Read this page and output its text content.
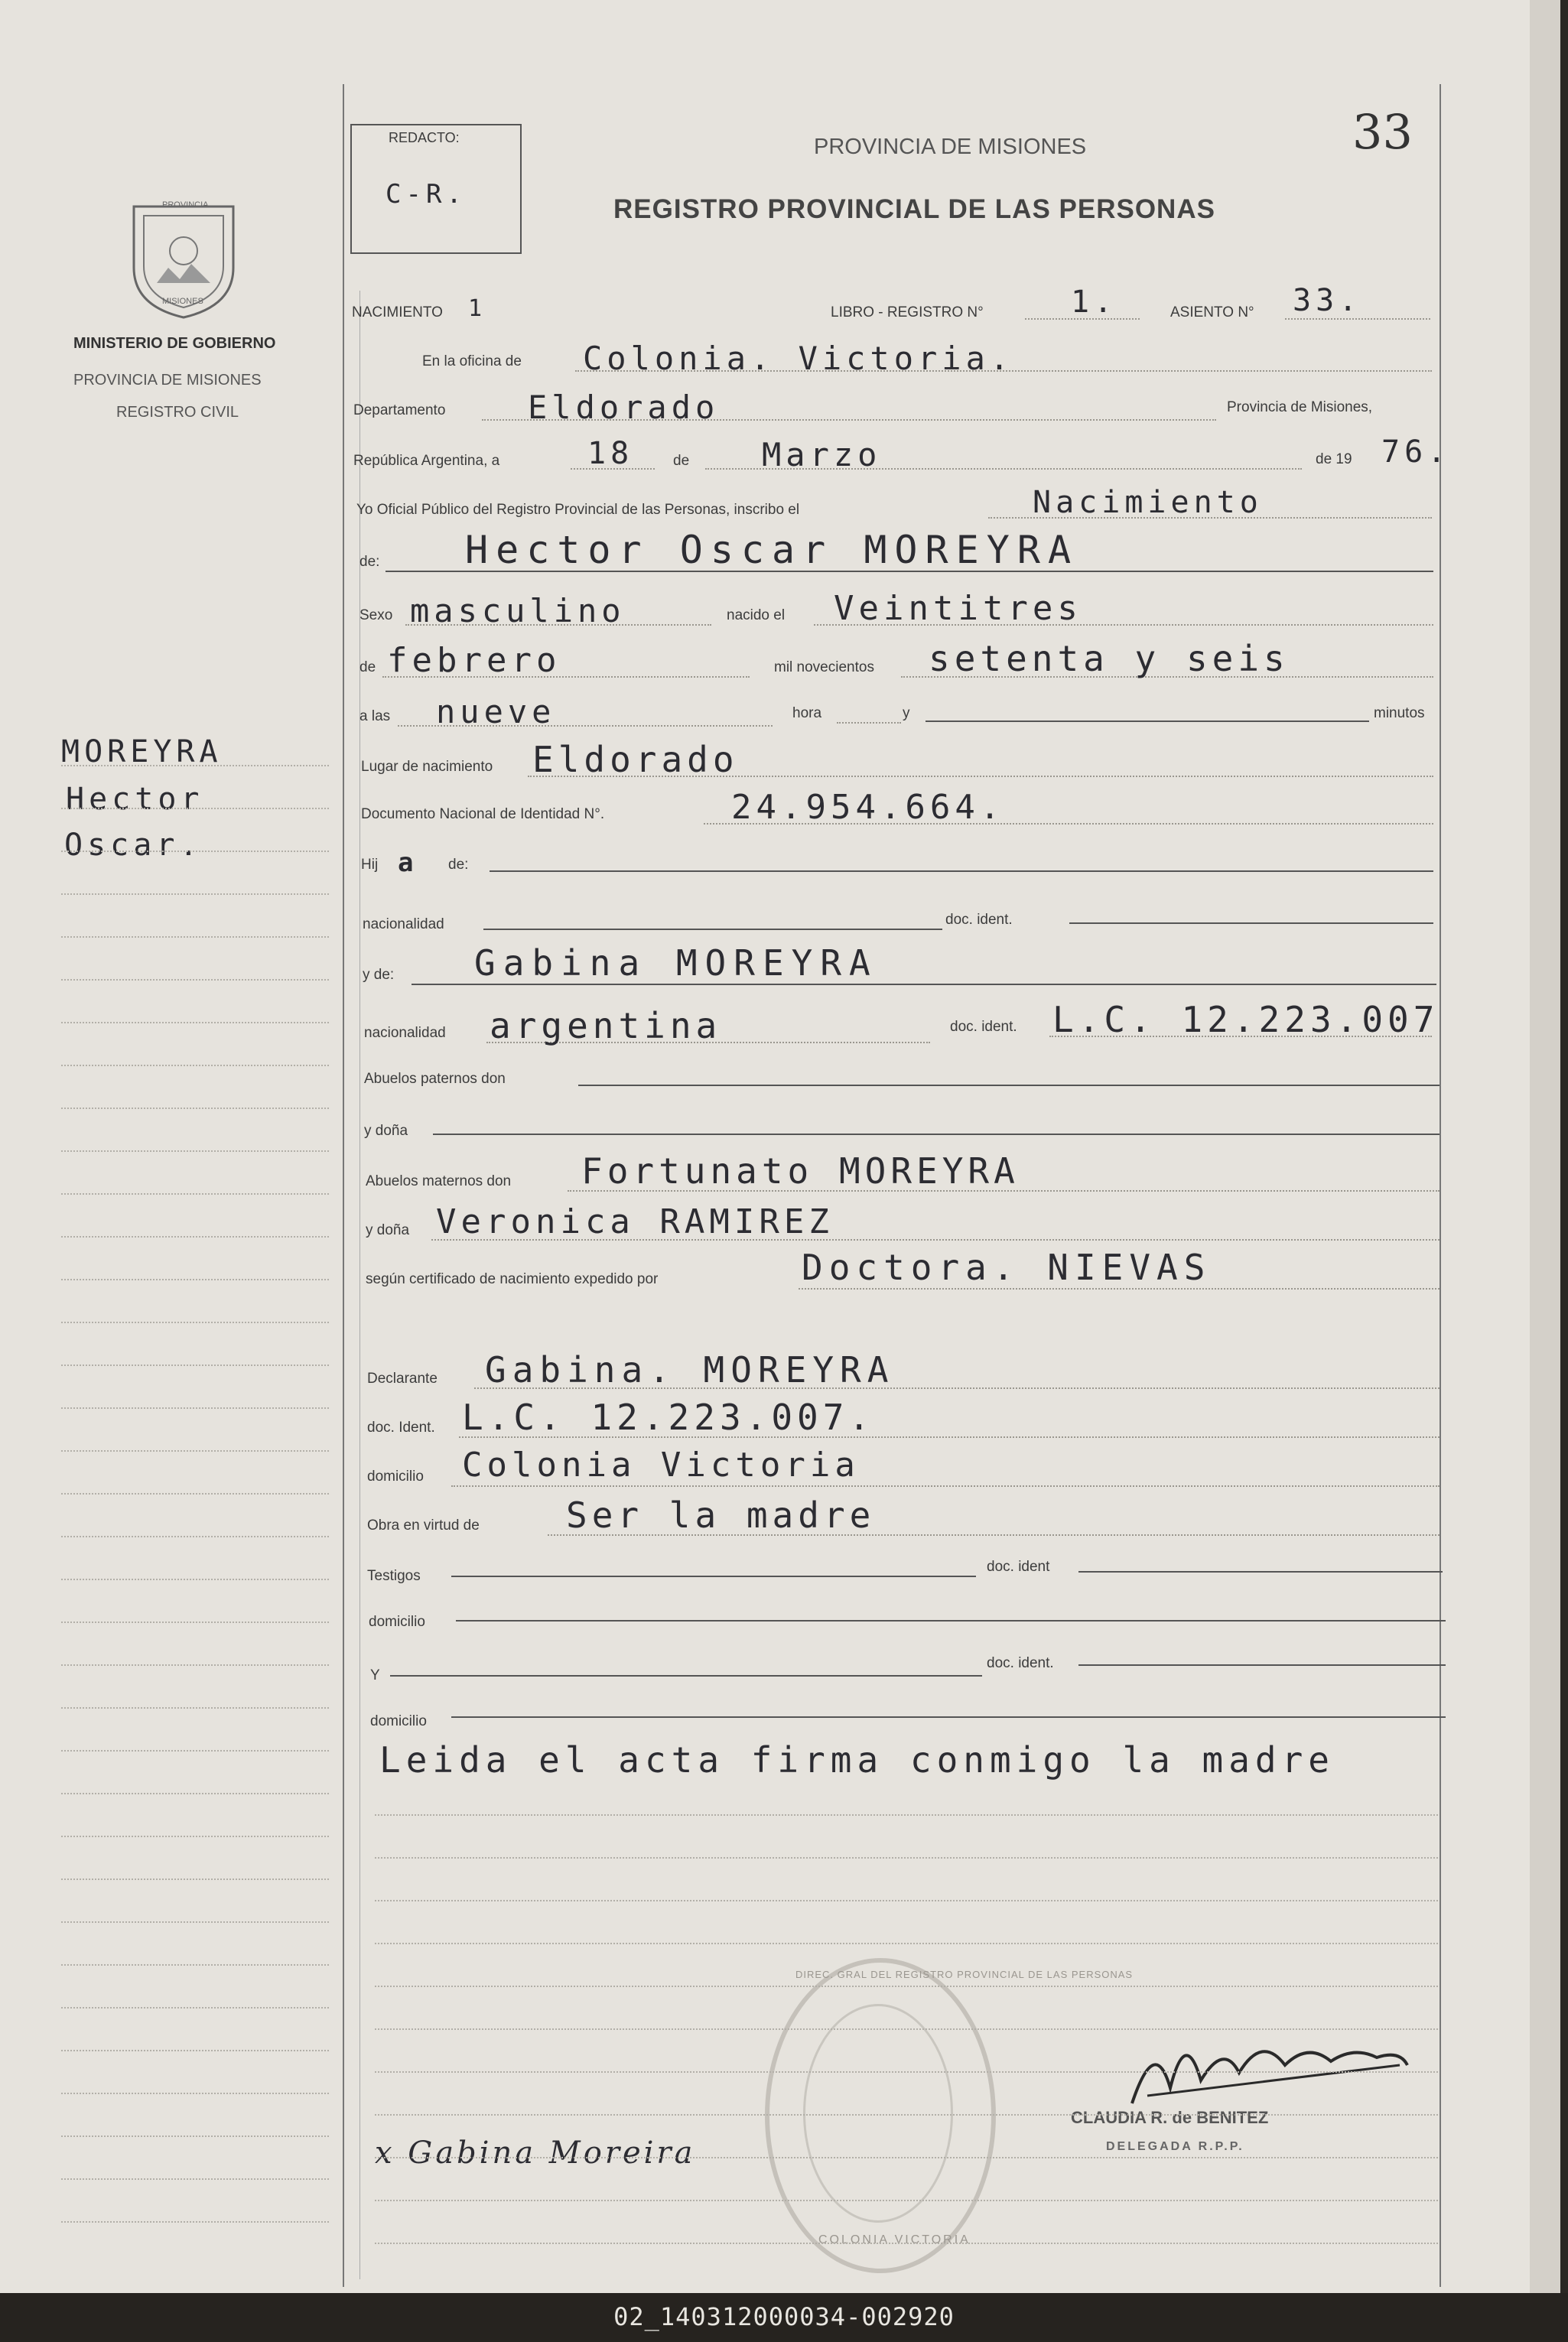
REDACTO:
C-R.
PROVINCIA DE MISIONES
REGISTRO PROVINCIAL DE LAS PERSONAS
33
PROVINCIA
MISIONES
MINISTERIO DE GOBIERNO
PROVINCIA DE MISIONES
REGISTRO CIVIL
MOREYRA
Hector
Oscar.
NACIMIENTO 1	LIBRO - REGISTRO N°	1.	ASIENTO N° 33.
En la oficina de Colonia. Victoria.
Departamento	Eldorado	Provincia de Misiones,
República Argentina, a	18	de Marzo	de 19 76.
Yo Oficial Público del Registro Provincial de las Personas, inscribo el	Nacimiento
de: Hector Oscar MOREYRA
Sexo masculino	nacido el Veintitres
de febrero	mil novecientos setenta y seis
a las nueve	hora	y	minutos
Lugar de nacimiento Eldorado
Documento Nacional de Identidad N°.	24.954.664.
Hij a de:
nacionalidad	doc. ident.
y de: Gabina MOREYRA
nacionalidad argentina	doc. ident. L.C. 12.223.007
Abuelos paternos don
y doña
Abuelos maternos don Fortunato MOREYRA
y doña Veronica RAMIREZ
según certificado de nacimiento expedido por	Doctora. NIEVAS
Declarante Gabina. MOREYRA
doc. Ident. L.C. 12.223.007.
domicilio Colonia Victoria
Obra en virtud de Ser la madre
Testigos
doc. ident
domicilio
Y
doc. ident.
domicilio
Leida el acta firma conmigo la madre
CLAUDIA R. de BENITEZ
DELEGADA R.P.P.
x Gabina Moreira
DIREC. GRAL DEL REGISTRO PROVINCIAL DE LAS PERSONAS
COLONIA VICTORIA
02_140312000034-002920
